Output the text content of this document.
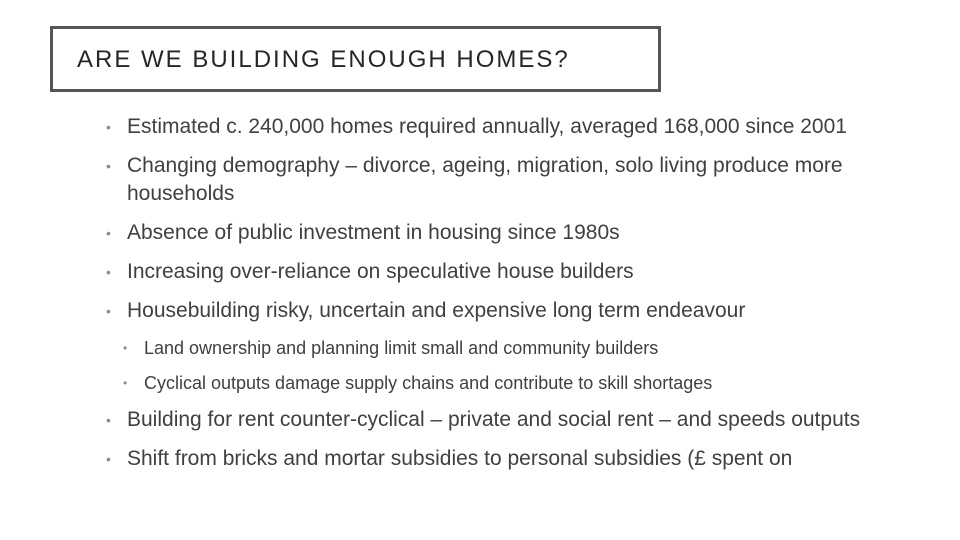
ARE WE BUILDING ENOUGH HOMES?
• Estimated c. 240,000 homes required annually, averaged 168,000 since 2001
• Changing demography – divorce, ageing, migration, solo living produce more households
• Absence of public investment in housing since 1980s
• Increasing over-reliance on speculative house builders
• Housebuilding risky, uncertain and expensive long term endeavour
• Land ownership and planning limit small and community builders
• Cyclical outputs damage supply chains and contribute to skill shortages
• Building for rent counter-cyclical – private and social rent – and speeds outputs
• Shift from bricks and mortar subsidies to personal subsidies (£ spent on
